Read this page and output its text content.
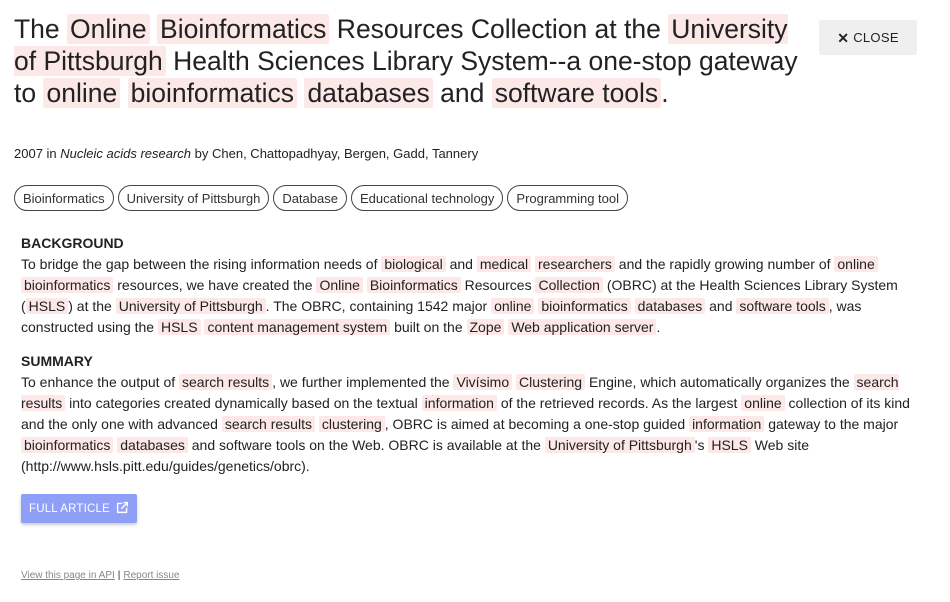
✕ CLOSE
The Online Bioinformatics Resources Collection at the University of Pittsburgh Health Sciences Library System--a one-stop gateway to online bioinformatics databases and software tools .
2007 in Nucleic acids research by Chen, Chattopadhyay, Bergen, Gadd, Tannery
Bioinformatics	University of Pittsburgh	Database	Educational technology	Programming tool
BACKGROUND

To bridge the gap between the rising information needs of biological and medical researchers and the rapidly growing number of online bioinformatics resources, we have created the Online Bioinformatics Resources Collection (OBRC) at the Health Sciences Library System ( HSLS ) at the University of Pittsburgh . The OBRC, containing 1542 major online bioinformatics databases and software tools , was constructed using the HSLS content management system built on the Zope Web application server .

SUMMARY

To enhance the output of search results , we further implemented the Vivísimo Clustering Engine, which automatically organizes the search results into categories created dynamically based on the textual information of the retrieved records. As the largest online collection of its kind and the only one with advanced search results clustering , OBRC is aimed at becoming a one-stop guided information gateway to the major bioinformatics databases and software tools on the Web. OBRC is available at the University of Pittsburgh 's HSLS Web site (http://www.hsls.pitt.edu/guides/genetics/obrc).

FULL ARTICLE
View this page in API | Report issue
